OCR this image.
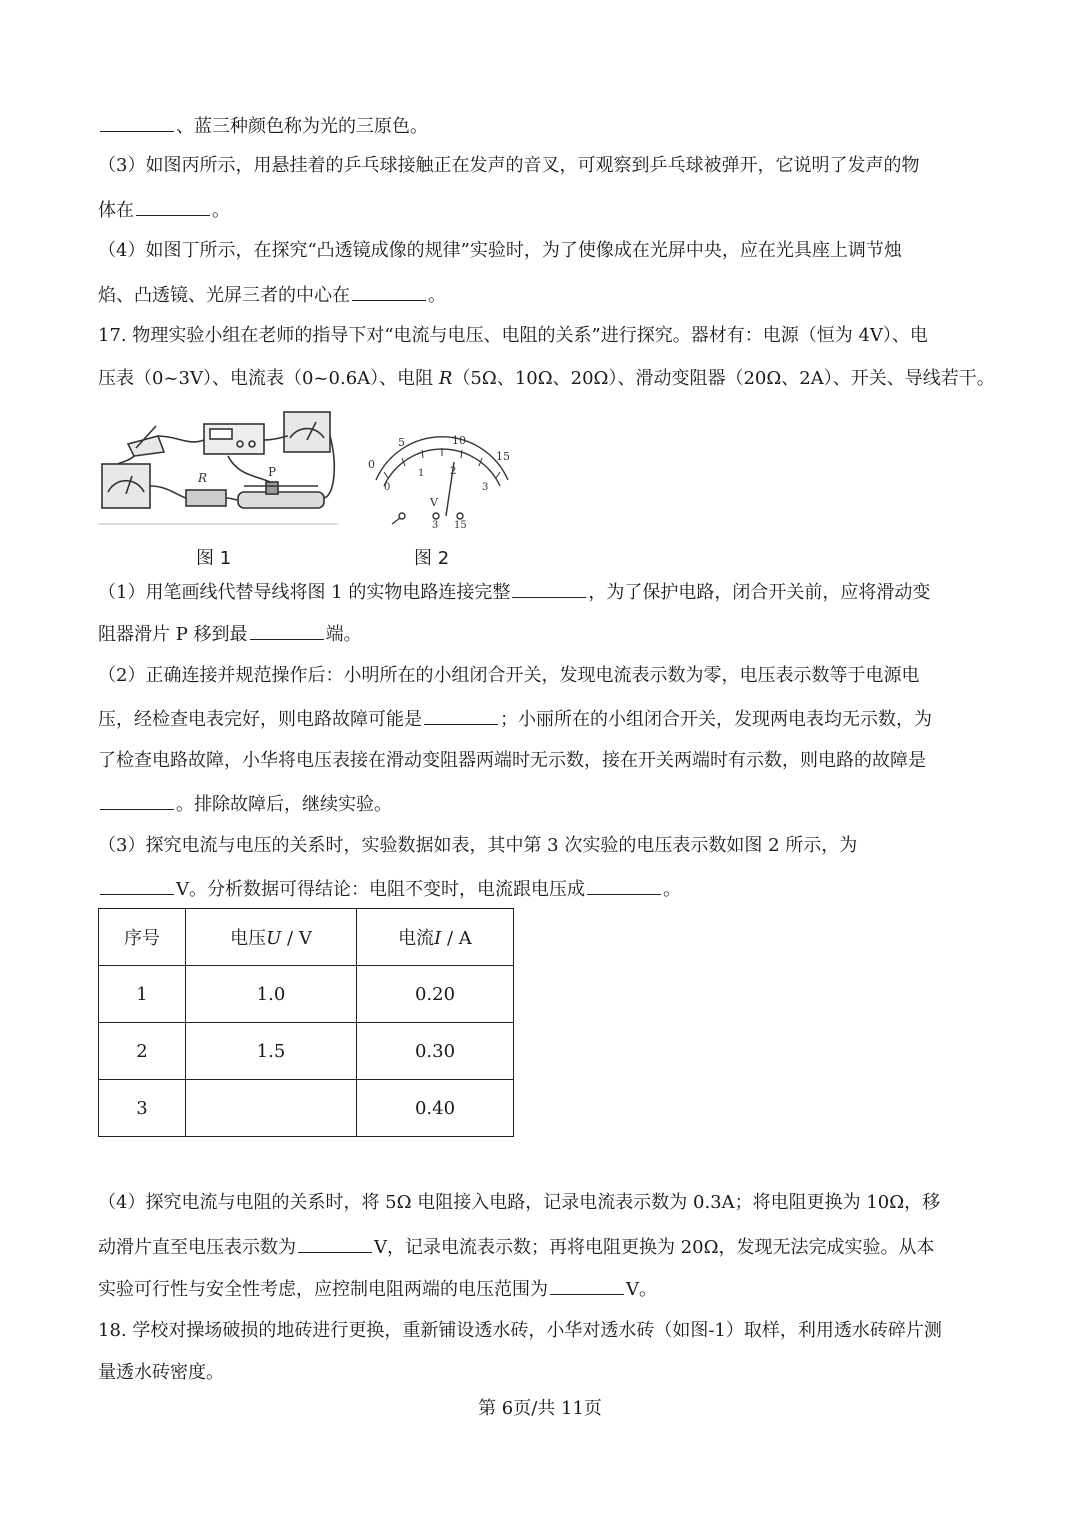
、蓝三种颜色称为光的三原色。
（3）如图丙所示，用悬挂着的乒乓球接触正在发声的音叉，可观察到乒乓球被弹开，它说明了发声的物
体在	。
（4）如图丁所示，在探究“凸透镜成像的规律”实验时，为了使像成在光屏中央，应在光具座上调节烛
焰、凸透镜、光屏三者的中心在	。
17. 物理实验小组在老师的指导下对“电流与电压、电阻的关系”进行探究。器材有：电源（恒为 4V）、电
压表（0~3V）、电流表（0~0.6A）、电阻 R（5Ω、10Ω、20Ω）、滑动变阻器（20Ω、2A）、开关、导线若干。
R	P
图 1
0
5	10
15
0
1	2
3
V
3 15
图 2
（1）用笔画线代替导线将图 1 的实物电路连接完整	，为了保护电路，闭合开关前，应将滑动变
阻器滑片 P 移到最	端。
（2）正确连接并规范操作后：小明所在的小组闭合开关，发现电流表示数为零，电压表示数等于电源电
压，经检查电表完好，则电路故障可能是	；小丽所在的小组闭合开关，发现两电表均无示数，为
了检查电路故障，小华将电压表接在滑动变阻器两端时无示数，接在开关两端时有示数，则电路的故障是
。排除故障后，继续实验。
（3）探究电流与电压的关系时，实验数据如表，其中第 3 次实验的电压表示数如图 2 所示，为
V。分析数据可得结论：电阻不变时，电流跟电压成	。
序号	电压U / V	电流I / A
1	1.0	0.20
2	1.5	0.30
3		0.40
（4）探究电流与电阻的关系时，将 5Ω 电阻接入电路，记录电流表示数为 0.3A；将电阻更换为 10Ω，移
动滑片直至电压表示数为	V，记录电流表示数；再将电阻更换为 20Ω，发现无法完成实验。从本
实验可行性与安全性考虑，应控制电阻两端的电压范围为	V。
18. 学校对操场破损的地砖进行更换，重新铺设透水砖，小华对透水砖（如图-1）取样，利用透水砖碎片测
量透水砖密度。
第 6页/共 11页
